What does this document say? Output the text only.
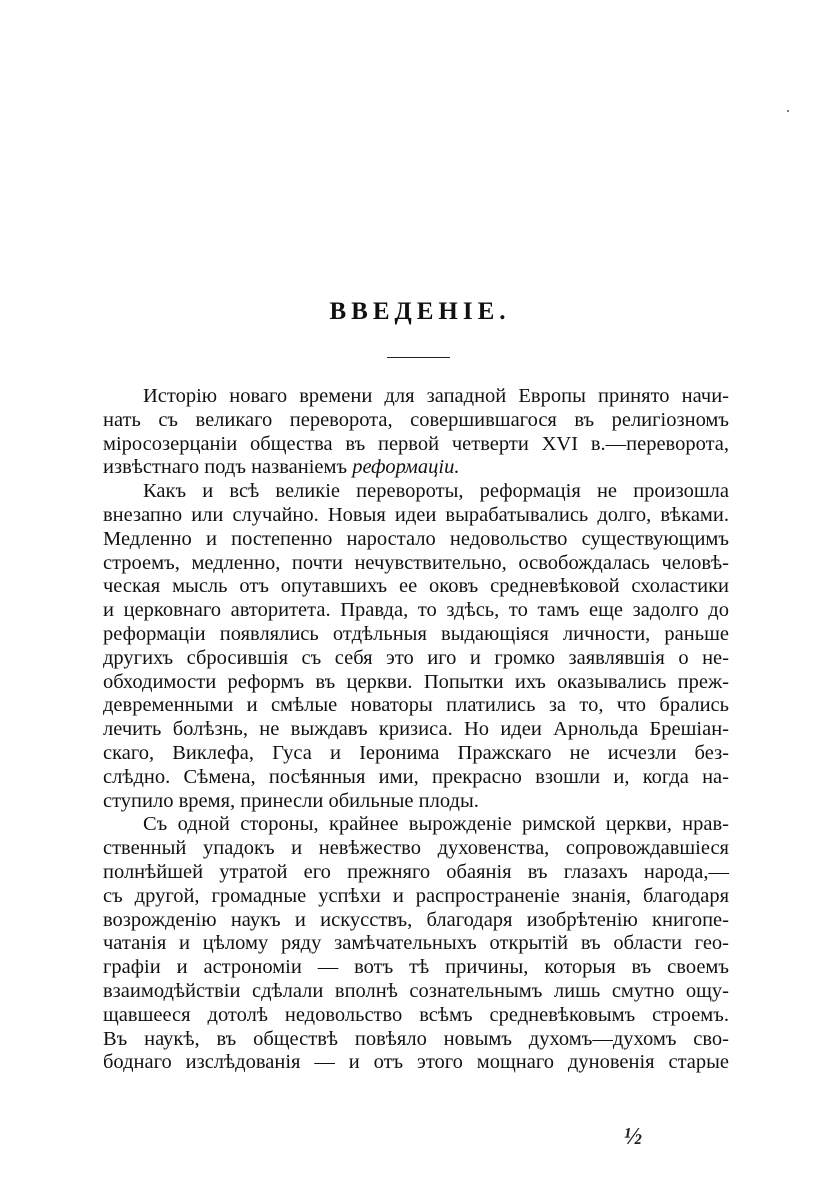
ВВЕДЕНIЕ.

Исторію новаго времени для западной Европы принято начи-
нать съ великаго переворота, совершившагося въ религіозномъ
міросозерцаніи общества въ первой четверти XVI в.—переворота,
извѣстнаго подъ названіемъ реформаціи.

Какъ и всѣ великіе перевороты, реформація не произошла
внезапно или случайно. Новыя идеи вырабатывались долго, вѣками.
Медленно и постепенно наростало недовольство существующимъ
строемъ, медленно, почти нечувствительно, освобождалась человѣ-
ческая мысль отъ опутавшихъ ее оковъ средневѣковой схоластики
и церковнаго авторитета. Правда, то здѣсь, то тамъ еще задолго до
реформаціи появлялись отдѣльныя выдающіяся личности, раньше
другихъ сбросившія съ себя это иго и громко заявлявшія о не-
обходимости реформъ въ церкви. Попытки ихъ оказывались преж-
девременными и смѣлые новаторы платились за то, что брались
лечить болѣзнь, не выждавъ кризиса. Но идеи Арнольда Брешіан-
скаго, Виклефа, Гуса и Іеронима Пражскаго не исчезли без-
слѣдно. Сѣмена, посѣянныя ими, прекрасно взошли и, когда на-
ступило время, принесли обильные плоды.

Съ одной стороны, крайнее вырожденіе римской церкви, нрав-
ственный упадокъ и невѣжество духовенства, сопровождавшіеся
полнѣйшей утратой его прежняго обаянія въ глазахъ народа,—
съ другой, громадные успѣхи и распространеніе знанія, благодаря
возрожденію наукъ и искусствъ, благодаря изобрѣтенію книгопе-
чатанія и цѣлому ряду замѣчательныхъ открытій въ области гео-
графіи и астрономіи — вотъ тѣ причины, которыя въ своемъ
взаимодѣйствіи сдѣлали вполнѣ сознательнымъ лишь смутно ощу-
щавшееся дотолѣ недовольство всѣмъ средневѣковымъ строемъ.
Въ наукѣ, въ обществѣ повѣяло новымъ духомъ—духомъ сво-
боднаго изслѣдованія — и отъ этого мощнаго дуновенія старые

½
